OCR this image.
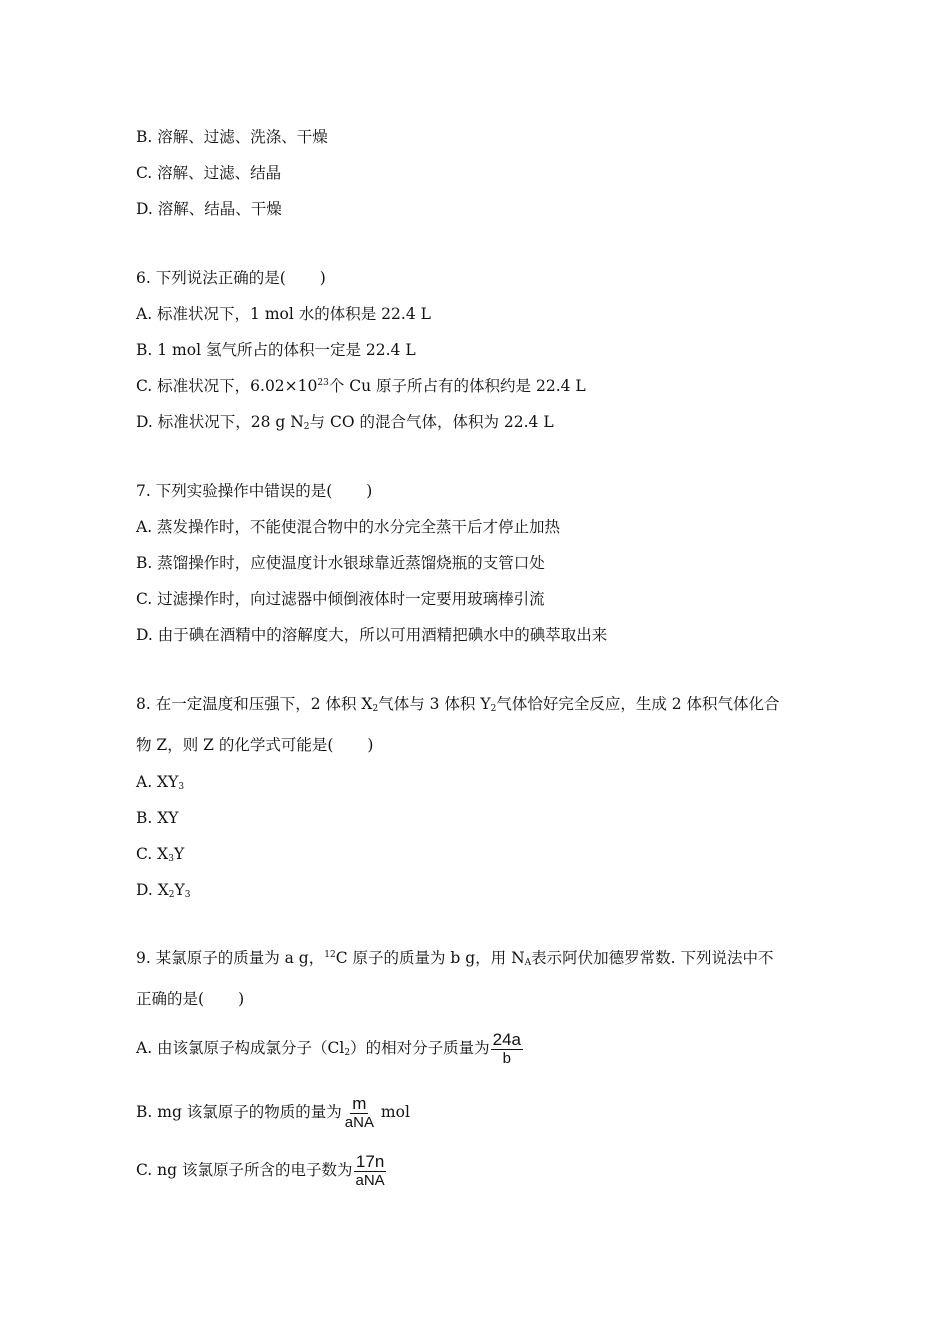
B. 溶解、过滤、洗涤、干燥
C. 溶解、过滤、结晶
D. 溶解、结晶、干燥
6. 下列说法正确的是( )
A. 标准状况下，1 mol 水的体积是 22.4 L
B. 1 mol 氢气所占的体积一定是 22.4 L
C. 标准状况下，$6.02\times 10^{23}$个 Cu 原子所占有的体积约是 22.4 L
D. 标准状况下，28 g $N_2$与 CO 的混合气体，体积为 22.4 L
7. 下列实验操作中错误的是( )
A. 蒸发操作时，不能使混合物中的水分完全蒸干后才停止加热
B. 蒸馏操作时，应使温度计水银球靠近蒸馏烧瓶的支管口处
C. 过滤操作时，向过滤器中倾倒液体时一定要用玻璃棒引流
D. 由于碘在酒精中的溶解度大，所以可用酒精把碘水中的碘萃取出来
8. 在一定温度和压强下，2 体积 $X_2$气体与 3 体积 $Y_2$气体恰好完全反应，生成 2 体积气体化合
物 Z，则 Z 的化学式可能是( )
A. $XY_3$
B. XY
C. $X_3Y$
D. $X_2Y_3$
9. 某氯原子的质量为 a g，$^{12}$C 原子的质量为 b g，用 $N_A$表示阿伏加德罗常数. 下列说法中不
正确的是( )
A. 由该氯原子构成氯分子$(Cl_2)$的相对分子质量为 $\frac{24a}{b}$
B. mg 该氯原子的物质的量为 $\frac{m}{\text{aNA}}$ mol
C. ng 该氯原子所含的电子数为 $\frac{17n}{\text{aNA}}$
